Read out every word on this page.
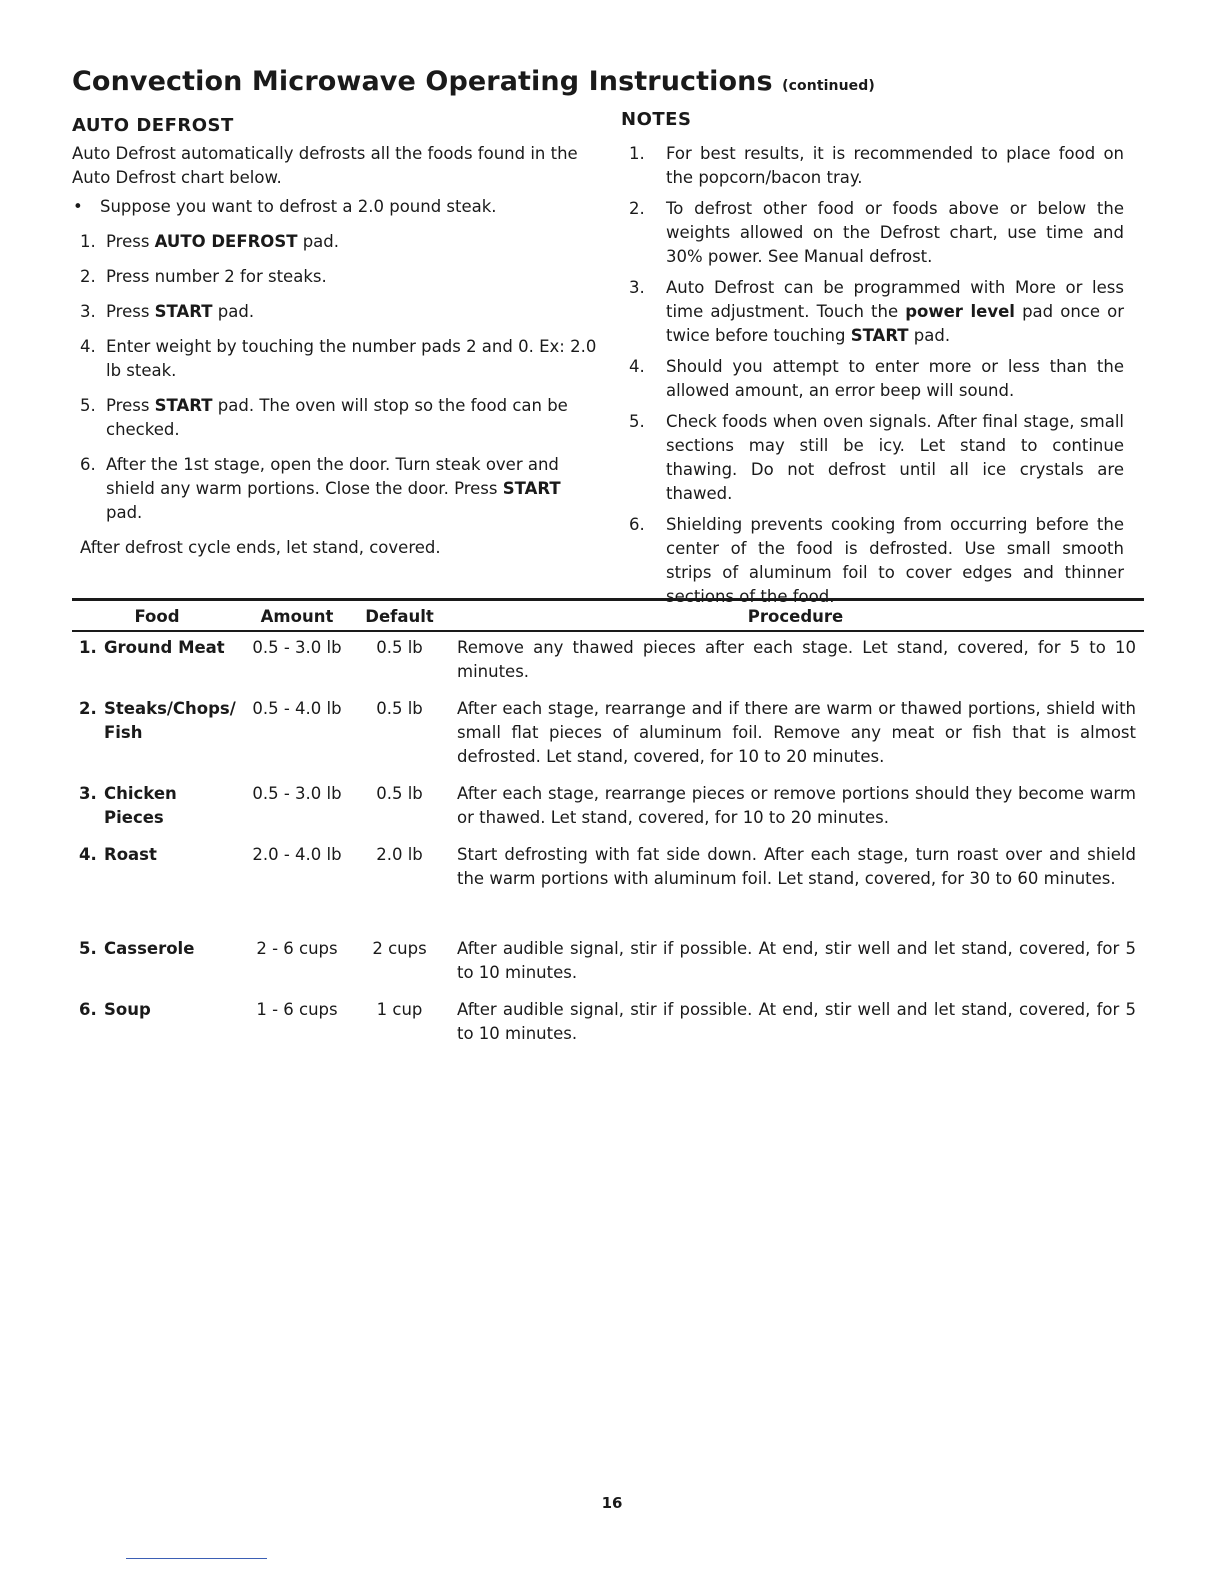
Convection Microwave Operating Instructions (continued)
AUTO DEFROST

Auto Defrost automatically defrosts all the foods found in the Auto Defrost chart below.

•	Suppose you want to defrost a 2.0 pound steak.
1. Press AUTO DEFROST pad.
2. Press number 2 for steaks.
3. Press START pad.
4. Enter weight by touching the number pads 2 and 0. Ex: 2.0 lb steak.
5. Press START pad. The oven will stop so the food can be checked.
6. After the 1st stage, open the door. Turn steak over and shield any warm portions. Close the door. Press START pad.

After defrost cycle ends, let stand, covered.

NOTES
1.	For best results, it is recommended to place food on the popcorn/bacon tray.
2.	To defrost other food or foods above or below the weights allowed on the Defrost chart, use time and 30% power. See Manual defrost.
3.	Auto Defrost can be programmed with More or less time adjustment. Touch the power level pad once or twice before touching START pad.
4.	Should you attempt to enter more or less than the allowed amount, an error beep will sound.
5.	Check foods when oven signals. After final stage, small sections may still be icy. Let stand to continue thawing. Do not defrost until all ice crystals are thawed.
6.	Shielding prevents cooking from occurring before the center of the food is defrosted. Use small smooth strips of aluminum foil to cover edges and thinner sections of the food.
Food	Amount	Default	Procedure

1. Ground Meat	0.5 - 3.0 lb	0.5 lb	Remove any thawed pieces after each stage. Let stand, covered, for 5 to 10 minutes.

2. Steaks/Chops/ Fish	0.5 - 4.0 lb	0.5 lb	After each stage, rearrange and if there are warm or thawed portions, shield with small flat pieces of aluminum foil. Remove any meat or fish that is almost defrosted. Let stand, covered, for 10 to 20 minutes.

3. Chicken Pieces	0.5 - 3.0 lb	0.5 lb	After each stage, rearrange pieces or remove portions should they become warm or thawed. Let stand, covered, for 10 to 20 minutes.

4. Roast	2.0 - 4.0 lb	2.0 lb	Start defrosting with fat side down. After each stage, turn roast over and shield the warm portions with aluminum foil. Let stand, covered, for 30 to 60 minutes.

5. Casserole	2 - 6 cups	2 cups	After audible signal, stir if possible. At end, stir well and let stand, covered, for 5 to 10 minutes.

6. Soup	1 - 6 cups	1 cup	After audible signal, stir if possible. At end, stir well and let stand, covered, for 5 to 10 minutes.
16
